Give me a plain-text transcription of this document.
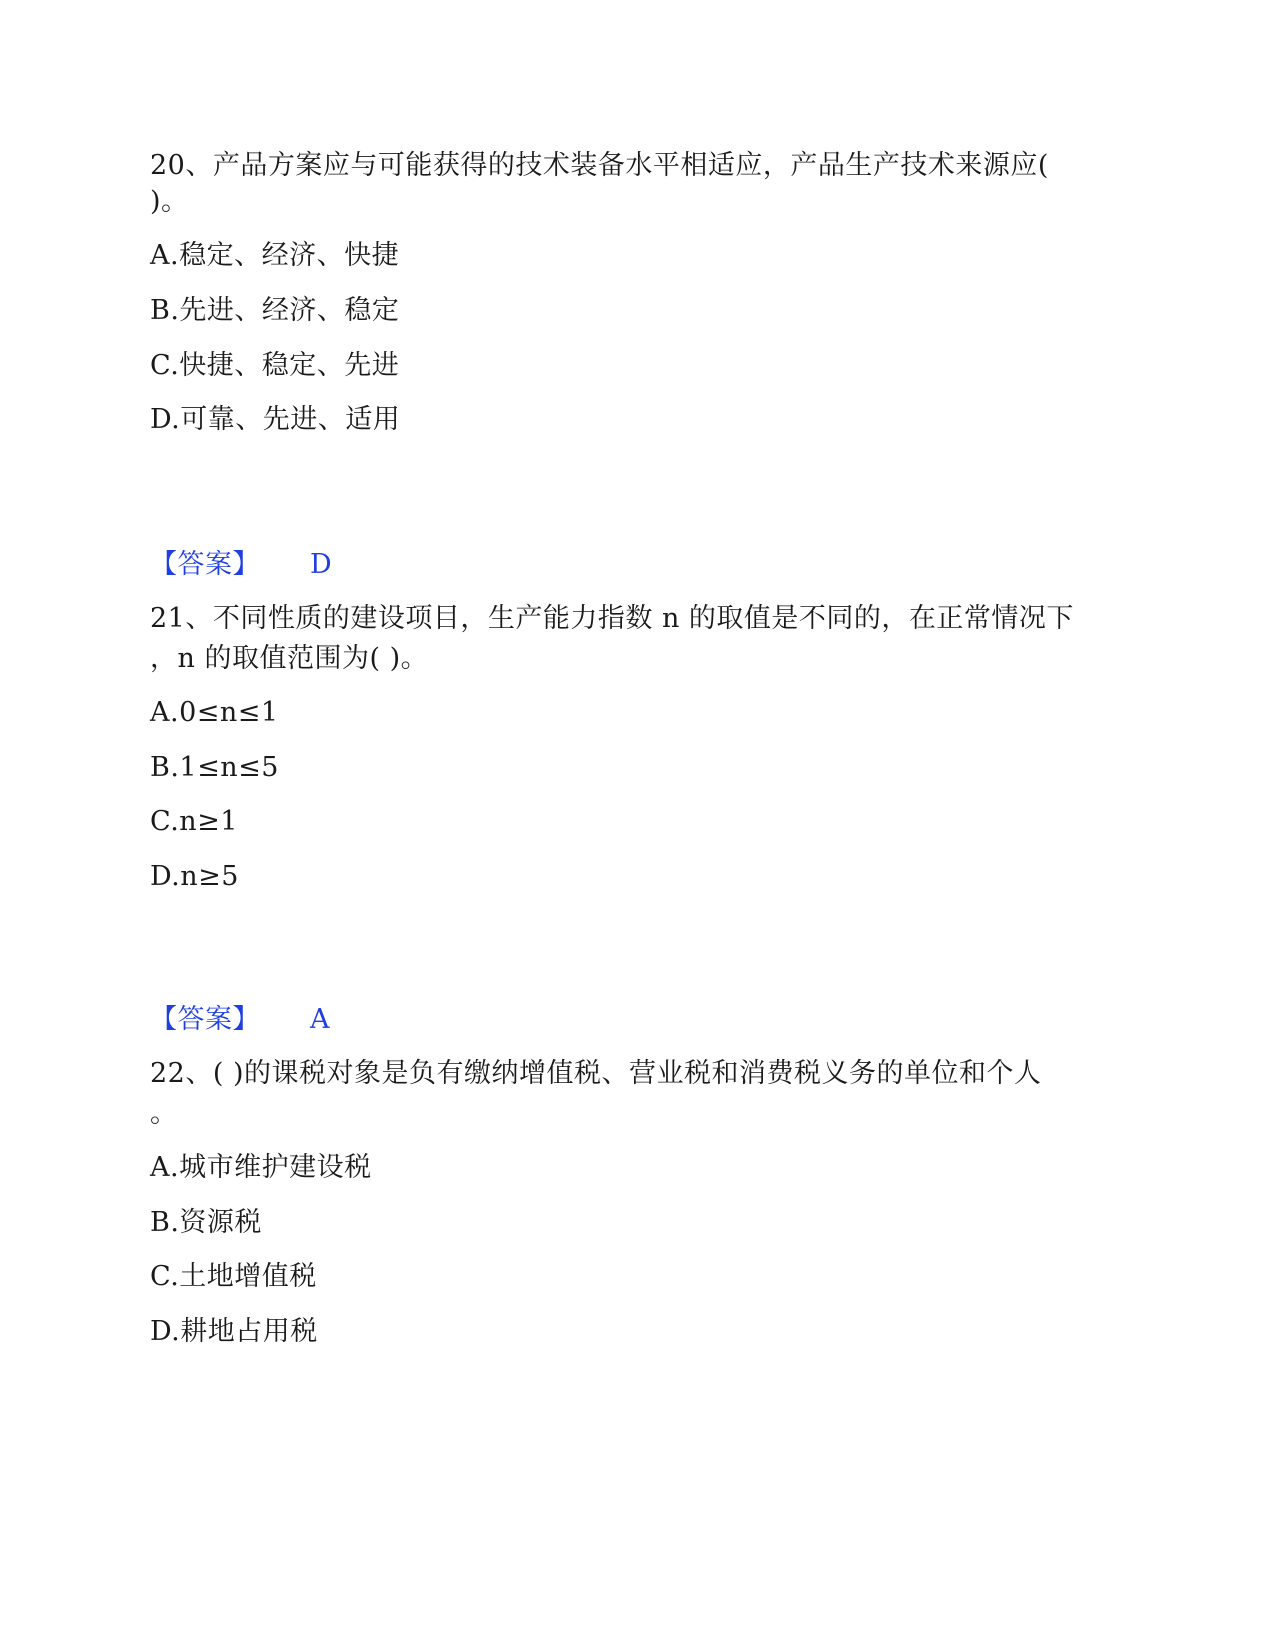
20、产品方案应与可能获得的技术装备水平相适应，产品生产技术来源应(
)。
A.稳定、经济、快捷
B.先进、经济、稳定
C.快捷、稳定、先进
D.可靠、先进、适用
【答案】 D
21、不同性质的建设项目，生产能力指数 n 的取值是不同的，在正常情况下
，n 的取值范围为( )。
A.0≤n≤1
B.1≤n≤5
C.n≥1
D.n≥5
【答案】 A
22、( )的课税对象是负有缴纳增值税、营业税和消费税义务的单位和个人
。
A.城市维护建设税
B.资源税
C.土地增值税
D.耕地占用税
